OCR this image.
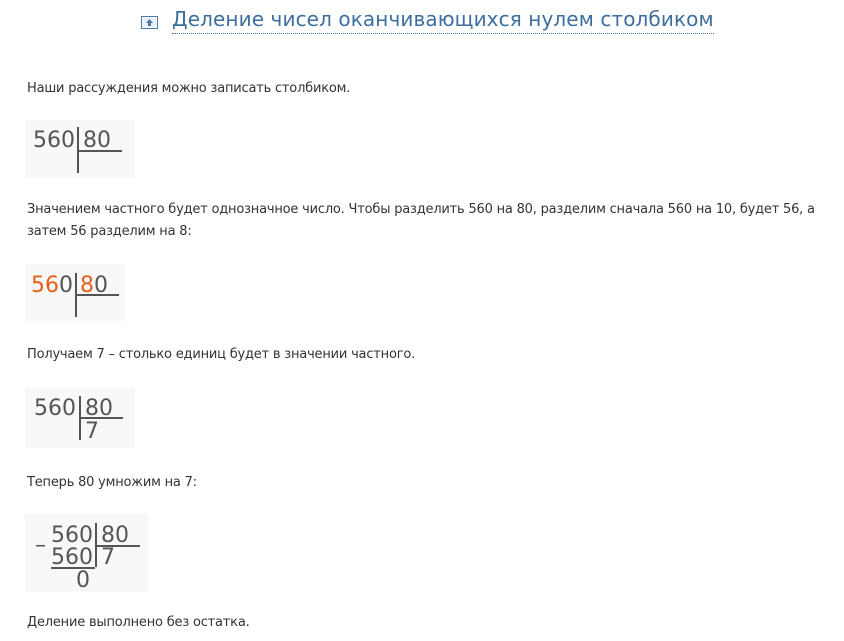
Деление чисел оканчивающихся нулем столбиком

Наши рассуждения можно записать столбиком.

560 80

Значением частного будет однозначное число. Чтобы разделить 560 на 80, разделим сначала 560 на 10, будет 56, а затем 56 разделим на 8:

560 80

Получаем 7 – столько единиц будет в значении частного.

560 80
7

Теперь 80 умножим на 7:

– 560 80
560 7
0

Деление выполнено без остатка.
